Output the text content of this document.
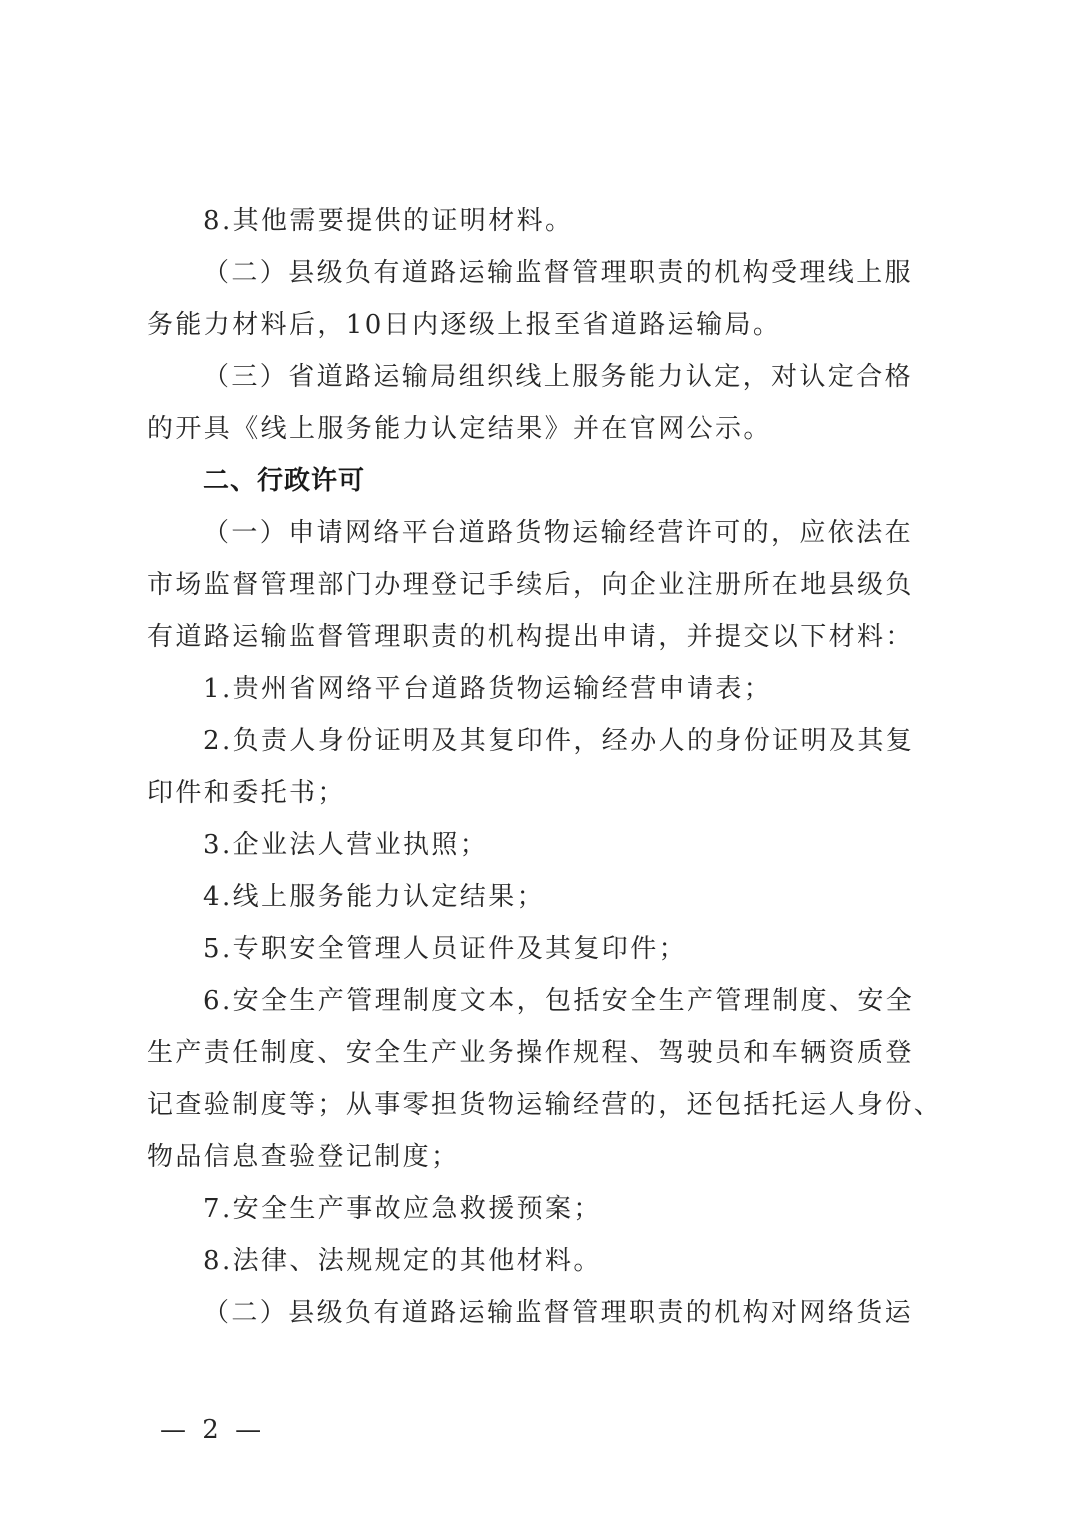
8.其他需要提供的证明材料。
（二）县级负有道路运输监督管理职责的机构受理线上服
务能力材料后，10日内逐级上报至省道路运输局。
（三）省道路运输局组织线上服务能力认定，对认定合格
的开具《线上服务能力认定结果》并在官网公示。
二、行政许可
（一）申请网络平台道路货物运输经营许可的，应依法在
市场监督管理部门办理登记手续后，向企业注册所在地县级负
有道路运输监督管理职责的机构提出申请，并提交以下材料：
1.贵州省网络平台道路货物运输经营申请表；
2.负责人身份证明及其复印件，经办人的身份证明及其复
印件和委托书；
3.企业法人营业执照；
4.线上服务能力认定结果；
5.专职安全管理人员证件及其复印件；
6.安全生产管理制度文本，包括安全生产管理制度、安全
生产责任制度、安全生产业务操作规程、驾驶员和车辆资质登
记查验制度等；从事零担货物运输经营的，还包括托运人身份、
物品信息查验登记制度；
7.安全生产事故应急救援预案；
8.法律、法规规定的其他材料。
（二）县级负有道路运输监督管理职责的机构对网络货运
— 2 —
